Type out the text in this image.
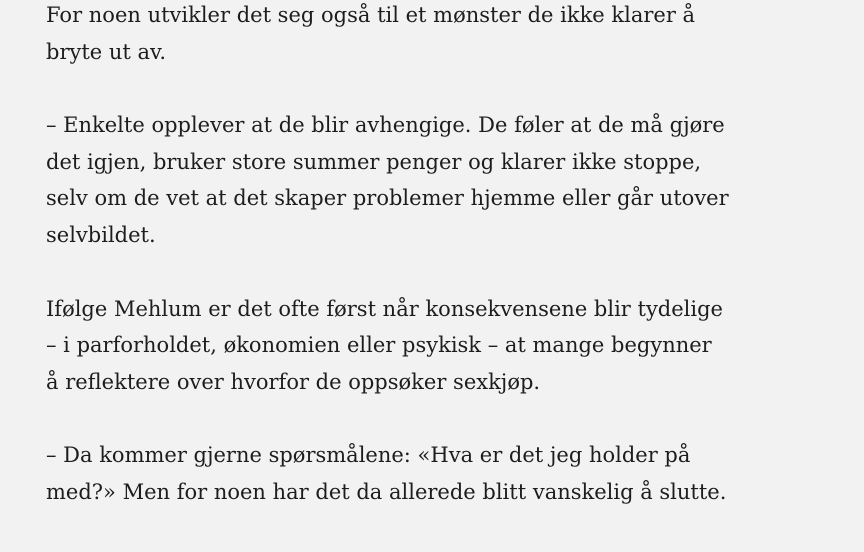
For noen utvikler det seg også til et mønster de ikke klarer å
bryte ut av.

– Enkelte opplever at de blir avhengige. De føler at de må gjøre
det igjen, bruker store summer penger og klarer ikke stoppe,
selv om de vet at det skaper problemer hjemme eller går utover
selvbildet.

Ifølge Mehlum er det ofte først når konsekvensene blir tydelige
– i parforholdet, økonomien eller psykisk – at mange begynner
å reflektere over hvorfor de oppsøker sexkjøp.

– Da kommer gjerne spørsmålene: «Hva er det jeg holder på
med?» Men for noen har det da allerede blitt vanskelig å slutte.
